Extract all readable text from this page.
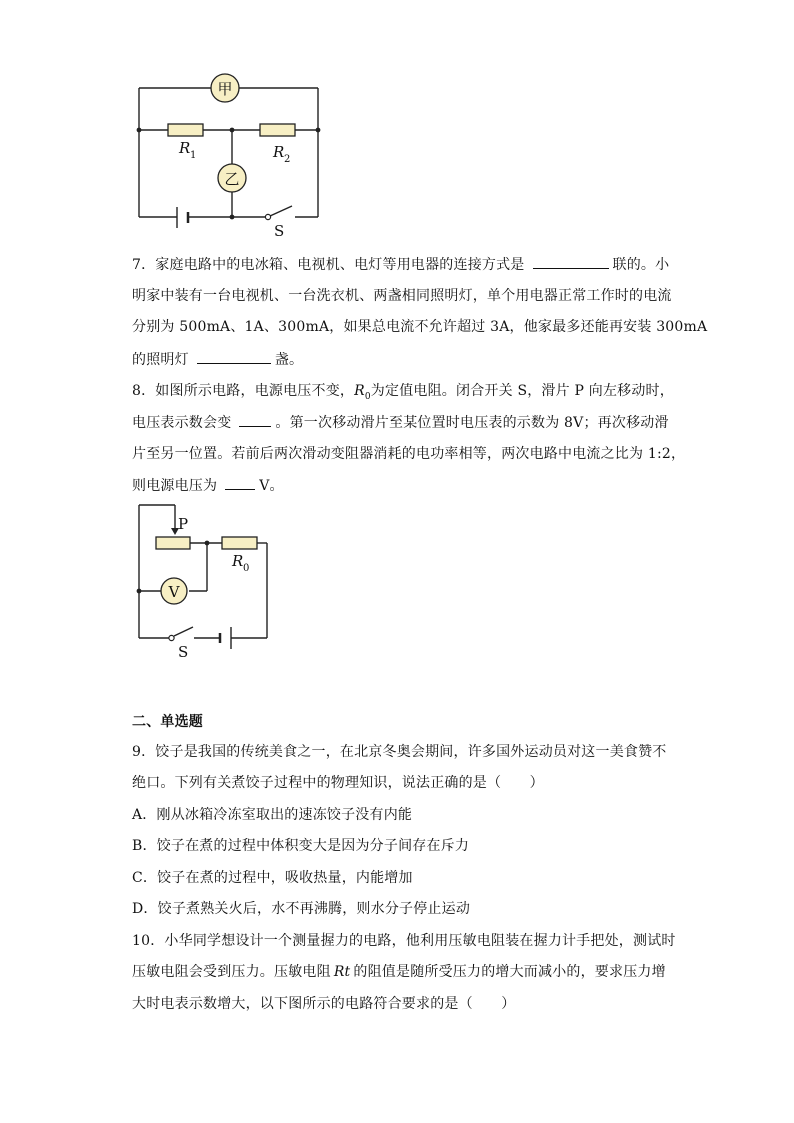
甲
乙
R 1	R 2
S
7．家庭电路中的电冰箱、电视机、电灯等用电器的连接方式是	联的。小
明家中装有一台电视机、一台洗衣机、两盏相同照明灯，单个用电器正常工作时的电流
分别为 500mA、1A、300mA，如果总电流不允许超过 3A，他家最多还能再安装 300mA
的照明灯	盏。
8．如图所示电路，电源电压不变，$R_0$为定值电阻。闭合开关 S，滑片 P 向左移动时，
电压表示数会变	。第一次移动滑片至某位置时电压表的示数为 8V；再次移动滑
片至另一位置。若前后两次滑动变阻器消耗的电功率相等，两次电路中电流之比为 1:2，
则电源电压为	V。
V
P
R 0
S
二、单选题
9．饺子是我国的传统美食之一，在北京冬奥会期间，许多国外运动员对这一美食赞不
绝口。下列有关煮饺子过程中的物理知识，说法正确的是（　　）
A．刚从冰箱冷冻室取出的速冻饺子没有内能
B．饺子在煮的过程中体积变大是因为分子间存在斥力
C．饺子在煮的过程中，吸收热量，内能增加
D．饺子煮熟关火后，水不再沸腾，则水分子停止运动
10．小华同学想设计一个测量握力的电路，他利用压敏电阻装在握力计手把处，测试时
压敏电阻会受到压力。压敏电阻 Rt 的阻值是随所受压力的增大而减小的，要求压力增
大时电表示数增大，以下图所示的电路符合要求的是（　　）
